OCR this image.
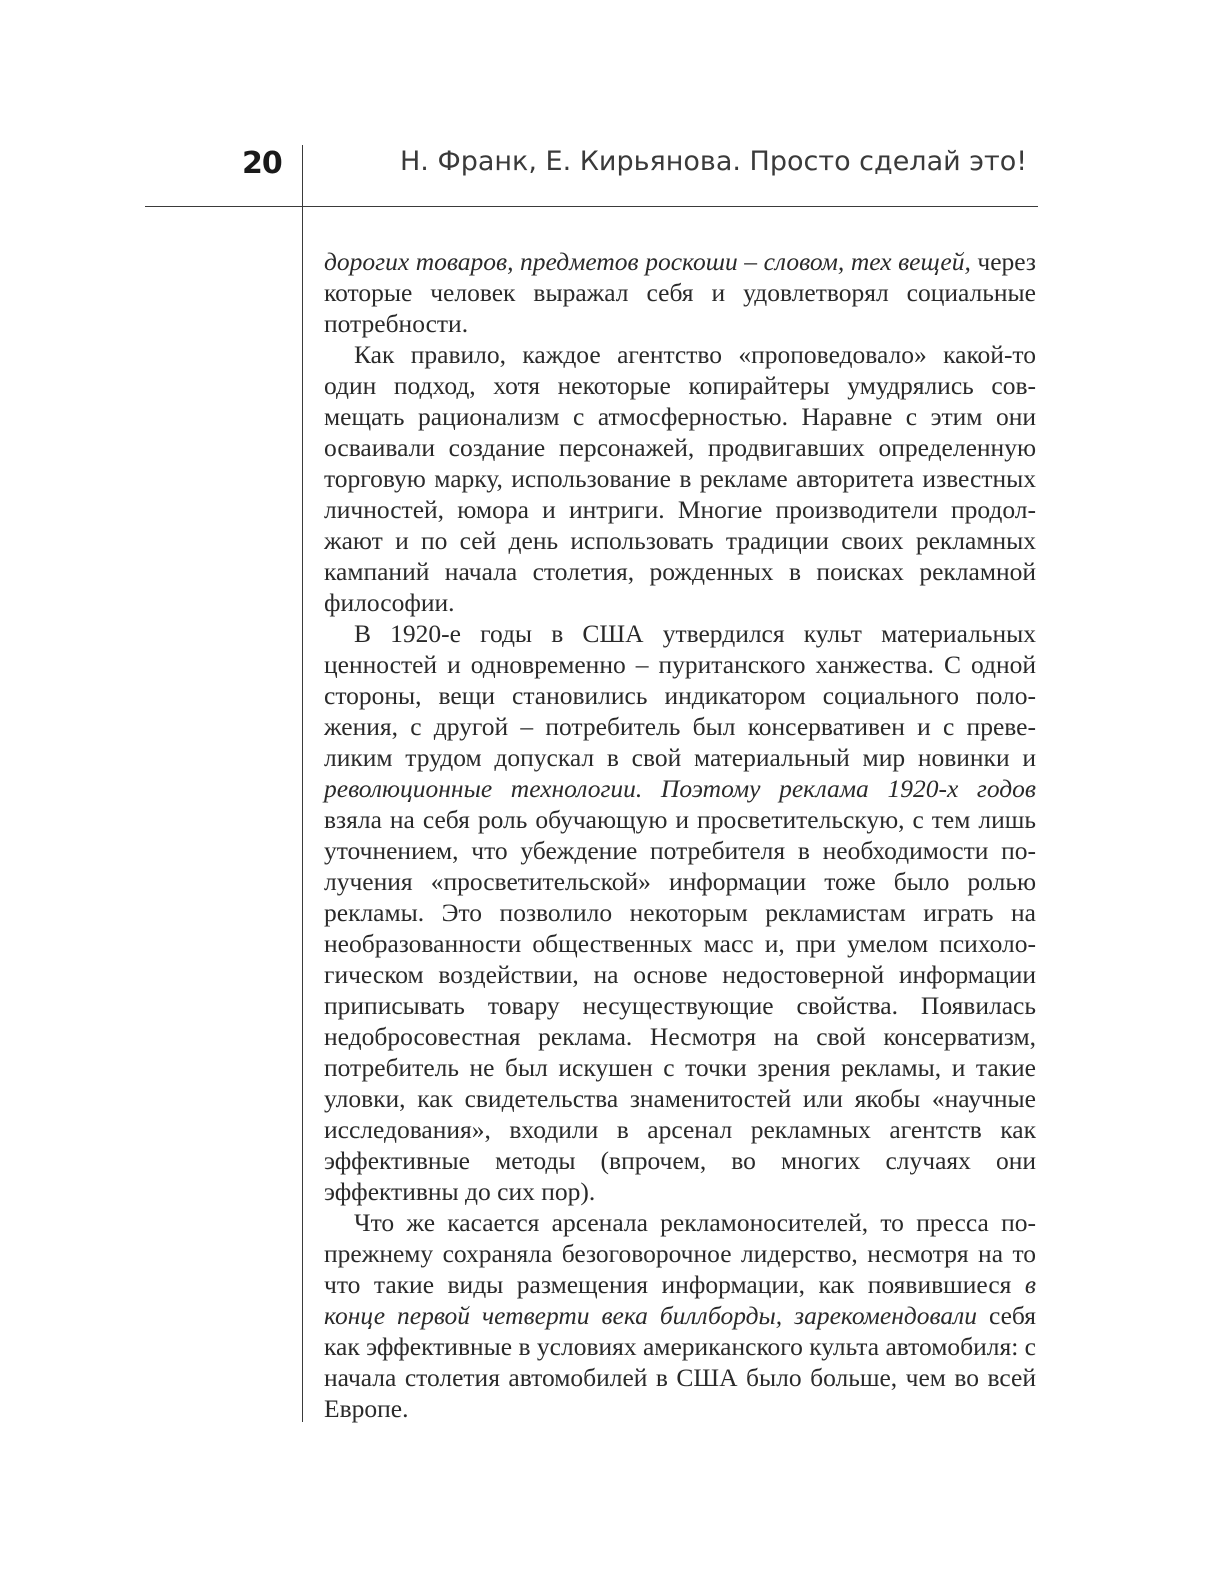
20	Н. Франк, Е. Кирьянова. Просто сделай это!

дорогих товаров, предметов роскоши – словом, тех вещей, через которые человек выражал себя и удовлетворял социальные потребности.

Как правило, каждое агентство «проповедовало» какой-то один подход, хотя некоторые копирайтеры умудрялись совмещать рационализм с атмосферностью. Наравне с этим они осваивали создание персонажей, продвигавших определенную торговую марку, использование в рекламе авторитета известных личностей, юмора и интриги. Многие производители продолжают и по сей день использовать традиции своих рекламных кампаний начала столетия, рожденных в поисках рекламной философии.

В 1920-е годы в США утвердился культ материальных ценностей и одновременно – пуританского ханжества. С одной стороны, вещи становились индикатором социального положения, с другой – потребитель был консервативен и с превеликим трудом допускал в свой материальный мир новинки и революционные технологии. Поэтому реклама 1920-х годов взяла на себя роль обучающую и просветительскую, с тем лишь уточнением, что убеждение потребителя в необходимости получения «просветительской» информации тоже было ролью рекламы. Это позволило некоторым рекламистам играть на необразованности общественных масс и, при умелом психологическом воздействии, на основе недостоверной информации приписывать товару несуществующие свойства. Появилась недобросовестная реклама. Несмотря на свой консерватизм, потребитель не был искушен с точки зрения рекламы, и такие уловки, как свидетельства знаменитостей или якобы «научные исследования», входили в арсенал рекламных агентств как эффективные методы (впрочем, во многих случаях они эффективны до сих пор).

Что же касается арсенала рекламоносителей, то пресса по-прежнему сохраняла безоговорочное лидерство, несмотря на то что такие виды размещения информации, как появившиеся в конце первой четверти века биллборды, зарекомендовали себя как эффективные в условиях американского культа автомобиля: с начала столетия автомобилей в США было больше, чем во всей Европе.
